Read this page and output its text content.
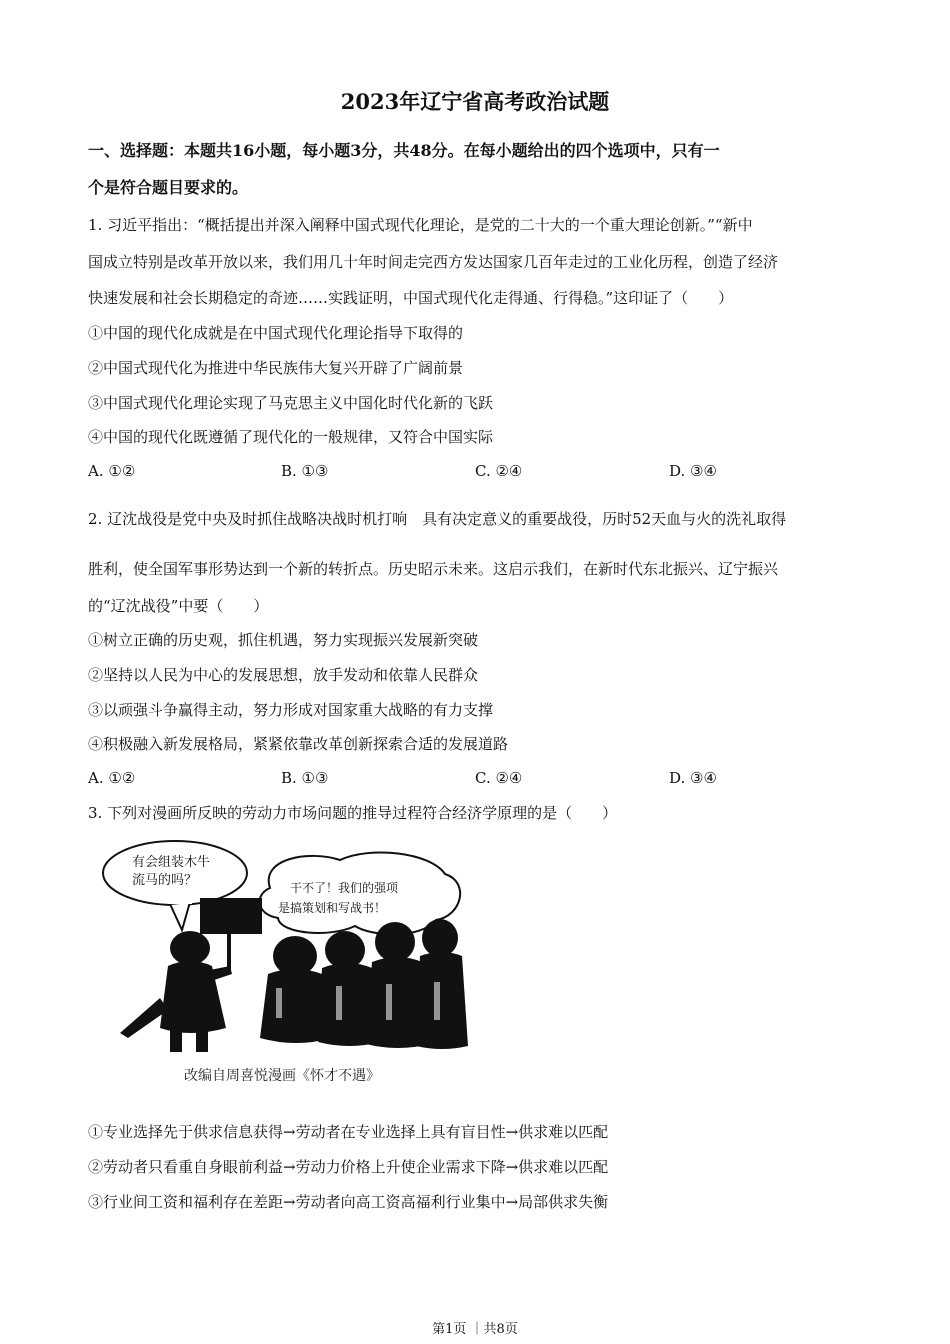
2023年辽宁省高考政治试题
一、选择题：本题共16小题，每小题3分，共48分。在每小题给出的四个选项中，只有一
个是符合题目要求的。
1. 习近平指出：“概括提出并深入阐释中国式现代化理论，是党的二十大的一个重大理论创新。”“新中
国成立特别是改革开放以来，我们用几十年时间走完西方发达国家几百年走过的工业化历程，创造了经济
快速发展和社会长期稳定的奇迹……实践证明，中国式现代化走得通、行得稳。”这印证了（　　）
①中国的现代化成就是在中国式现代化理论指导下取得的
②中国式现代化为推进中华民族伟大复兴开辟了广阔前景
③中国式现代化理论实现了马克思主义中国化时代化新的飞跃
④中国的现代化既遵循了现代化的一般规律，又符合中国实际
A. ①②	B. ①③	C. ②④	D. ③④
2. 辽沈战役是党中央及时抓住战略决战时机打响　具有决定意义的重要战役，历时52天血与火的洗礼取得
胜利，使全国军事形势达到一个新的转折点。历史昭示未来。这启示我们，在新时代东北振兴、辽宁振兴
的“辽沈战役”中要（　　）
①树立正确的历史观，抓住机遇，努力实现振兴发展新突破
②坚持以人民为中心的发展思想，放手发动和依靠人民群众
③以顽强斗争赢得主动，努力形成对国家重大战略的有力支撑
④积极融入新发展格局，紧紧依靠改革创新探索合适的发展道路
A. ①②	B. ①③	C. ②④	D. ③④
3. 下列对漫画所反映的劳动力市场问题的推导过程符合经济学原理的是（　　）
有会组装木牛
流马的吗？	干不了！我们的强项
是搞策划和写战书！
改编自周喜悦漫画《怀才不遇》
①专业选择先于供求信息获得→劳动者在专业选择上具有盲目性→供求难以匹配
②劳动者只看重自身眼前利益→劳动力价格上升使企业需求下降→供求难以匹配
③行业间工资和福利存在差距→劳动者向高工资高福利行业集中→局部供求失衡
第1页 ｜共8页
